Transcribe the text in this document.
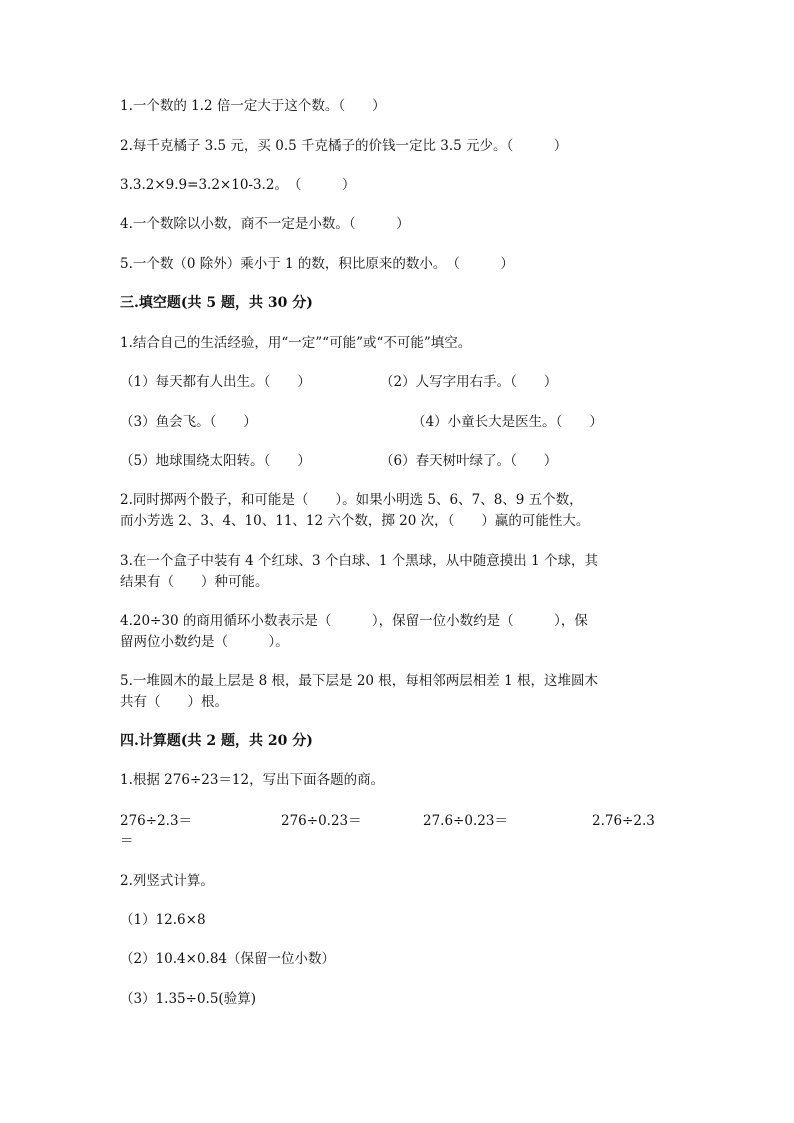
1.一个数的 1.2 倍一定大于这个数。（　　）
2.每千克橘子 3.5 元，买 0.5 千克橘子的价钱一定比 3.5 元少。（　　　）
3.3.2×9.9=3.2×10-3.2。　（　　　）
4.一个数除以小数，商不一定是小数。（　　　）
5.一个数（0 除外）乘小于 1 的数，积比原来的数小。　（　　　）
三.填空题(共 5 题，共 30 分)
1.结合自己的生活经验，用“一定”“可能”或“不可能”填空。
（1）每天都有人出生。（　　）	（2）人写字用右手。（　　）
（3）鱼会飞。（　　）	（4）小童长大是医生。（　　）
（5）地球围绕太阳转。（　　）	（6）春天树叶绿了。（　　）
2.同时掷两个骰子，和可能是（　　）。如果小明选 5、6、7、8、9 五个数，
而小芳选 2、3、4、10、11、12 六个数，掷 20 次，（　　）赢的可能性大。
3.在一个盒子中装有 4 个红球、3 个白球、1 个黑球，从中随意摸出 1 个球，其
结果有（　　）种可能。
4.20÷30 的商用循环小数表示是（　　　），保留一位小数约是（　　　），保
留两位小数约是（　　　）。
5.一堆圆木的最上层是 8 根，最下层是 20 根，每相邻两层相差 1 根，这堆圆木
共有（　　）根。
四.计算题(共 2 题，共 20 分)
1.根据 276÷23＝12，写出下面各题的商。
276÷2.3＝	276÷0.23＝	27.6÷0.23＝	2.76÷2.3
＝
2.列竖式计算。
（1）12.6×8
（2）10.4×0.84（保留一位小数）
（3）1.35÷0.5(验算)
